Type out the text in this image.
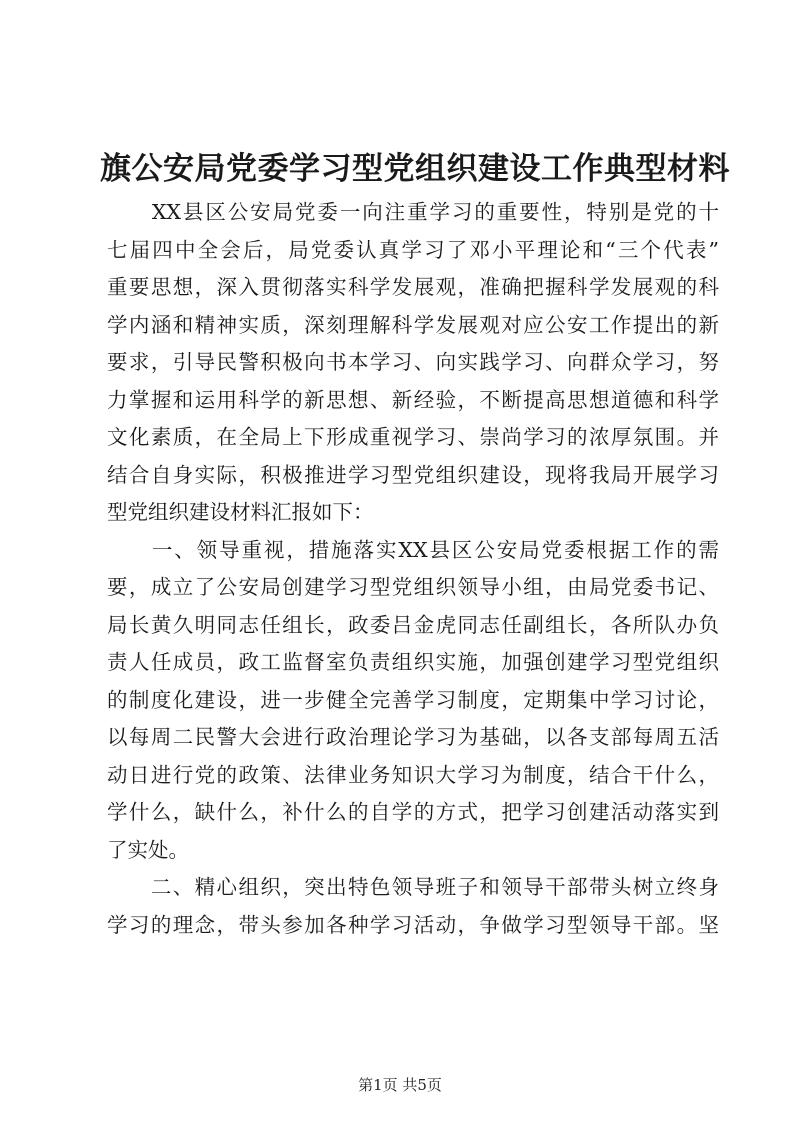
旗公安局党委学习型党组织建设工作典型材料
　　XX县区公安局党委一向注重学习的重要性，特别是党的十
七届四中全会后，局党委认真学习了邓小平理论和“三个代表”
重要思想，深入贯彻落实科学发展观，准确把握科学发展观的科
学内涵和精神实质，深刻理解科学发展观对应公安工作提出的新
要求，引导民警积极向书本学习、向实践学习、向群众学习，努
力掌握和运用科学的新思想、新经验，不断提高思想道德和科学
文化素质，在全局上下形成重视学习、崇尚学习的浓厚氛围。并
结合自身实际，积极推进学习型党组织建设，现将我局开展学习
型党组织建设材料汇报如下：
　　一、领导重视，措施落实XX县区公安局党委根据工作的需
要，成立了公安局创建学习型党组织领导小组，由局党委书记、
局长黄久明同志任组长，政委吕金虎同志任副组长，各所队办负
责人任成员，政工监督室负责组织实施，加强创建学习型党组织
的制度化建设，进一步健全完善学习制度，定期集中学习讨论，
以每周二民警大会进行政治理论学习为基础，以各支部每周五活
动日进行党的政策、法律业务知识大学习为制度，结合干什么，
学什么，缺什么，补什么的自学的方式，把学习创建活动落实到
了实处。
　　二、精心组织，突出特色领导班子和领导干部带头树立终身
学习的理念，带头参加各种学习活动，争做学习型领导干部。坚
第1页 共5页
